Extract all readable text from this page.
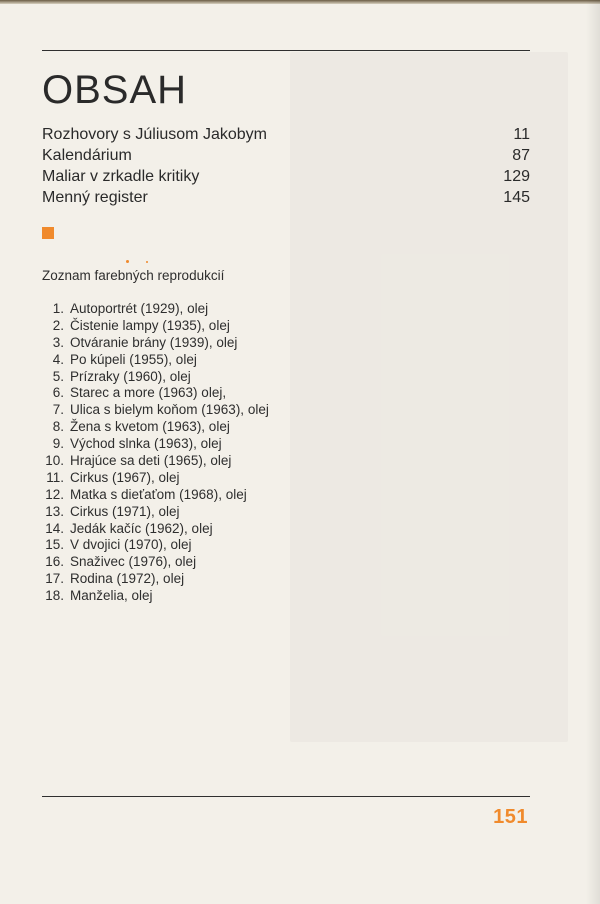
OBSAH
Rozhovory s Júliusom Jakobym	11
Kalendárium	87
Maliar v zrkadle kritiky	129
Menný register	145
Zoznam farebných reprodukcií
1. Autoportrét (1929), olej
2. Čistenie lampy (1935), olej
3. Otváranie brány (1939), olej
4. Po kúpeli (1955), olej
5. Prízraky (1960), olej
6. Starec a more (1963) olej,
7. Ulica s bielym koňom (1963), olej
8. Žena s kvetom (1963), olej
9. Východ slnka (1963), olej
10. Hrajúce sa deti (1965), olej
11. Cirkus (1967), olej
12. Matka s dieťaťom (1968), olej
13. Cirkus (1971), olej
14. Jedák kačíc (1962), olej
15. V dvojici (1970), olej
16. Snaživec (1976), olej
17. Rodina (1972), olej
18. Manželia, olej
151
